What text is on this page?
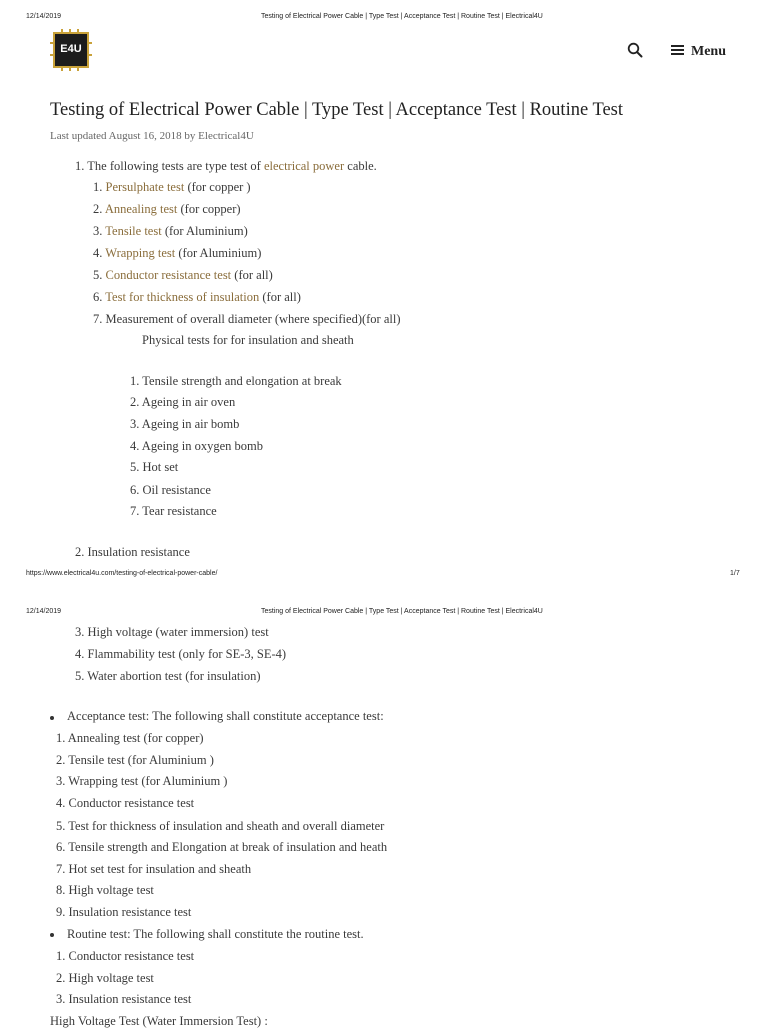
12/14/2019	Testing of Electrical Power Cable | Type Test | Acceptance Test | Routine Test | Electrical4U
E4U	Menu
Testing of Electrical Power Cable | Type Test | Acceptance Test | Routine Test
Last updated August 16, 2018 by Electrical4U
1. The following tests are type test of electrical power cable.
1. Persulphate test (for copper )
2. Annealing test (for copper)
3. Tensile test (for Aluminium)
4. Wrapping test (for Aluminium)
5. Conductor resistance test (for all)
6. Test for thickness of insulation (for all)
7. Measurement of overall diameter (where specified)(for all)
Physical tests for for insulation and sheath
1. Tensile strength and elongation at break
2. Ageing in air oven
3. Ageing in air bomb
4. Ageing in oxygen bomb
5. Hot set
6. Oil resistance
7. Tear resistance
2. Insulation resistance
https://www.electrical4u.com/testing-of-electrical-power-cable/	1/7
12/14/2019	Testing of Electrical Power Cable | Type Test | Acceptance Test | Routine Test | Electrical4U
3. High voltage (water immersion) test
4. Flammability test (only for SE-3, SE-4)
5. Water abortion test (for insulation)
Acceptance test: The following shall constitute acceptance test:
1. Annealing test (for copper)
2. Tensile test (for Aluminium )
3. Wrapping test (for Aluminium )
4. Conductor resistance test
5. Test for thickness of insulation and sheath and overall diameter
6. Tensile strength and Elongation at break of insulation and heath
7. Hot set test for insulation and sheath
8. High voltage test
9. Insulation resistance test
Routine test: The following shall constitute the routine test.
1. Conductor resistance test
2. High voltage test
3. Insulation resistance test
High Voltage Test (Water Immersion Test) :
